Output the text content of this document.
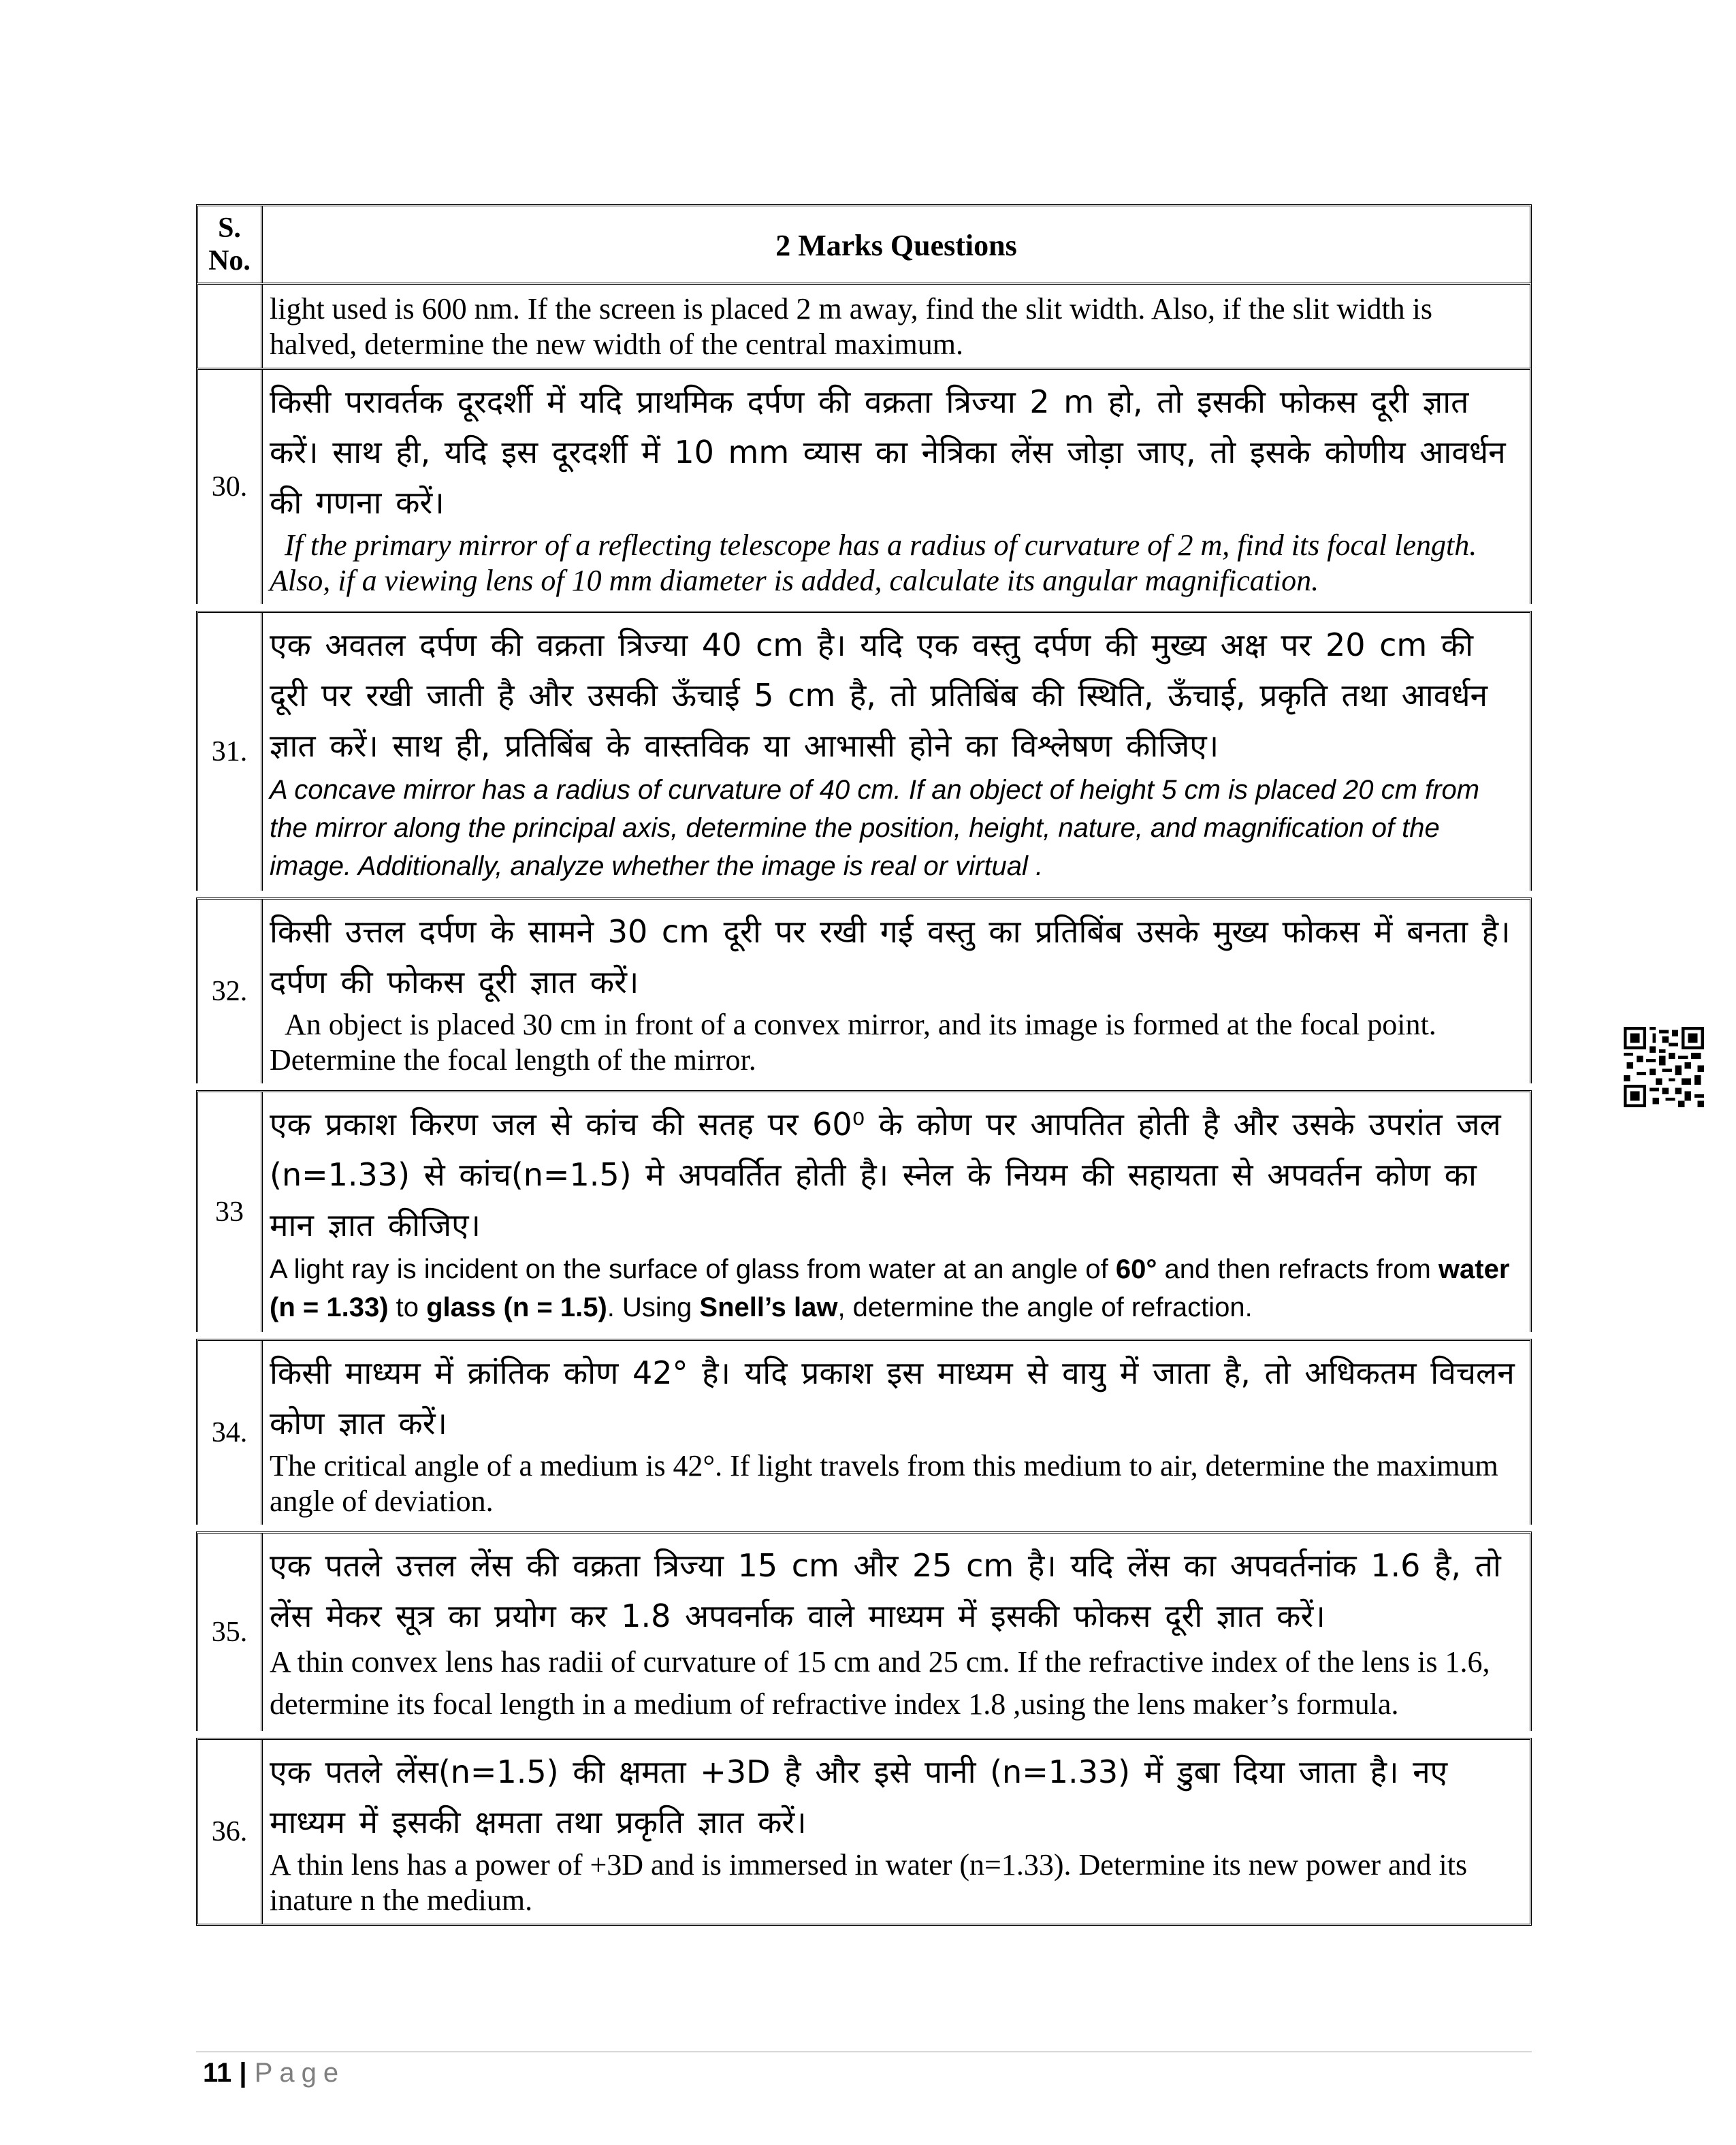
S. No.	2 Marks Questions
light used is 600 nm. If the screen is placed 2 m away, find the slit width. Also, if the slit width is halved, determine the new width of the central maximum.
30.
किसी परावर्तक दूरदर्शी में यदि प्राथमिक दर्पण की वक्रता त्रिज्या 2 m हो, तो इसकी फोकस दूरी ज्ञात करें। साथ ही, यदि इस दूरदर्शी में 10 mm व्यास का नेत्रिका लेंस जोड़ा जाए, तो इसके कोणीय आवर्धन की गणना करें।
If the primary mirror of a reflecting telescope has a radius of curvature of 2 m, find its focal length. Also, if a viewing lens of 10 mm diameter is added, calculate its angular magnification.
31.
एक अवतल दर्पण की वक्रता त्रिज्या 40 cm है। यदि एक वस्तु दर्पण की मुख्य अक्ष पर 20 cm की दूरी पर रखी जाती है और उसकी ऊँचाई 5 cm है, तो प्रतिबिंब की स्थिति, ऊँचाई, प्रकृति तथा आवर्धन ज्ञात करें। साथ ही, प्रतिबिंब के वास्तविक या आभासी होने का विश्लेषण कीजिए।
A concave mirror has a radius of curvature of 40 cm. If an object of height 5 cm is placed 20 cm from the mirror along the principal axis, determine the position, height, nature, and magnification of the image. Additionally, analyze whether the image is real or virtual .
32.
किसी उत्तल दर्पण के सामने 30 cm दूरी पर रखी गई वस्तु का प्रतिबिंब उसके मुख्य फोकस में बनता है। दर्पण की फोकस दूरी ज्ञात करें।
An object is placed 30 cm in front of a convex mirror, and its image is formed at the focal point. Determine the focal length of the mirror.
33
एक प्रकाश किरण जल से कांच की सतह पर 60⁰ के कोण पर आपतित होती है और उसके उपरांत जल (n=1.33) से कांच(n=1.5) मे अपवर्तित होती है। स्नेल के नियम की सहायता से अपवर्तन कोण का मान ज्ञात कीजिए।
A light ray is incident on the surface of glass from water at an angle of 60° and then refracts from water (n = 1.33) to glass (n = 1.5). Using Snell’s law, determine the angle of refraction.
34.
किसी माध्यम में क्रांतिक कोण 42° है। यदि प्रकाश इस माध्यम से वायु में जाता है, तो अधिकतम विचलन कोण ज्ञात करें।
The critical angle of a medium is 42°. If light travels from this medium to air, determine the maximum angle of deviation.
35.
एक पतले उत्तल लेंस की वक्रता त्रिज्या 15 cm और 25 cm है। यदि लेंस का अपवर्तनांक 1.6 है, तो लेंस मेकर सूत्र का प्रयोग कर 1.8 अपवर्नाक वाले माध्यम में इसकी फोकस दूरी ज्ञात करें।
A thin convex lens has radii of curvature of 15 cm and 25 cm. If the refractive index of the lens is 1.6, determine its focal length in a medium of refractive index 1.8 ,using the lens maker’s formula.
36.
एक पतले लेंस(n=1.5) की क्षमता +3D है और इसे पानी (n=1.33) में डुबा दिया जाता है। नए माध्यम में इसकी क्षमता तथा प्रकृति ज्ञात करें।
A thin lens has a power of +3D and is immersed in water (n=1.33). Determine its new power and its inature n the medium.
11 | Page
